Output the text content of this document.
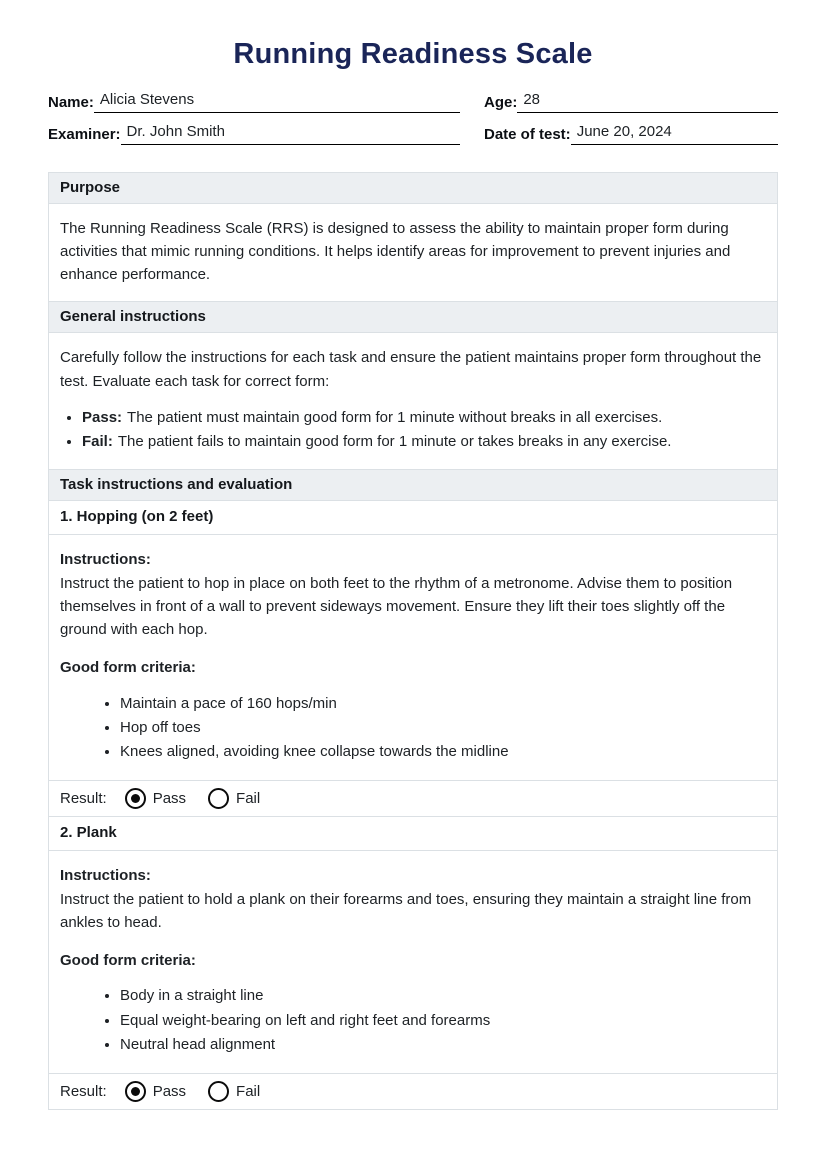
Running Readiness Scale
Name: Alicia Stevens	Age: 28
Examiner: Dr. John Smith	Date of test: June 20, 2024
Purpose
The Running Readiness Scale (RRS) is designed to assess the ability to maintain proper form during activities that mimic running conditions. It helps identify areas for improvement to prevent injuries and enhance performance.
General instructions

Carefully follow the instructions for each task and ensure the patient maintains proper form throughout the test. Evaluate each task for correct form:

• Pass: The patient must maintain good form for 1 minute without breaks in all exercises.
• Fail: The patient fails to maintain good form for 1 minute or takes breaks in any exercise.

Task instructions and evaluation
1. Hopping (on 2 feet)

Instructions:

Instruct the patient to hop in place on both feet to the rhythm of a metronome. Advise them to position themselves in front of a wall to prevent sideways movement. Ensure they lift their toes slightly off the ground with each hop.

Good form criteria:

• Maintain a pace of 160 hops/min
• Hop off toes
• Knees aligned, avoiding knee collapse towards the midline

Result:	Pass	Fail

2. Plank

Instructions:

Instruct the patient to hold a plank on their forearms and toes, ensuring they maintain a straight line from ankles to head.

Good form criteria:

• Body in a straight line
• Equal weight-bearing on left and right feet and forearms
• Neutral head alignment

Result:	Pass	Fail
